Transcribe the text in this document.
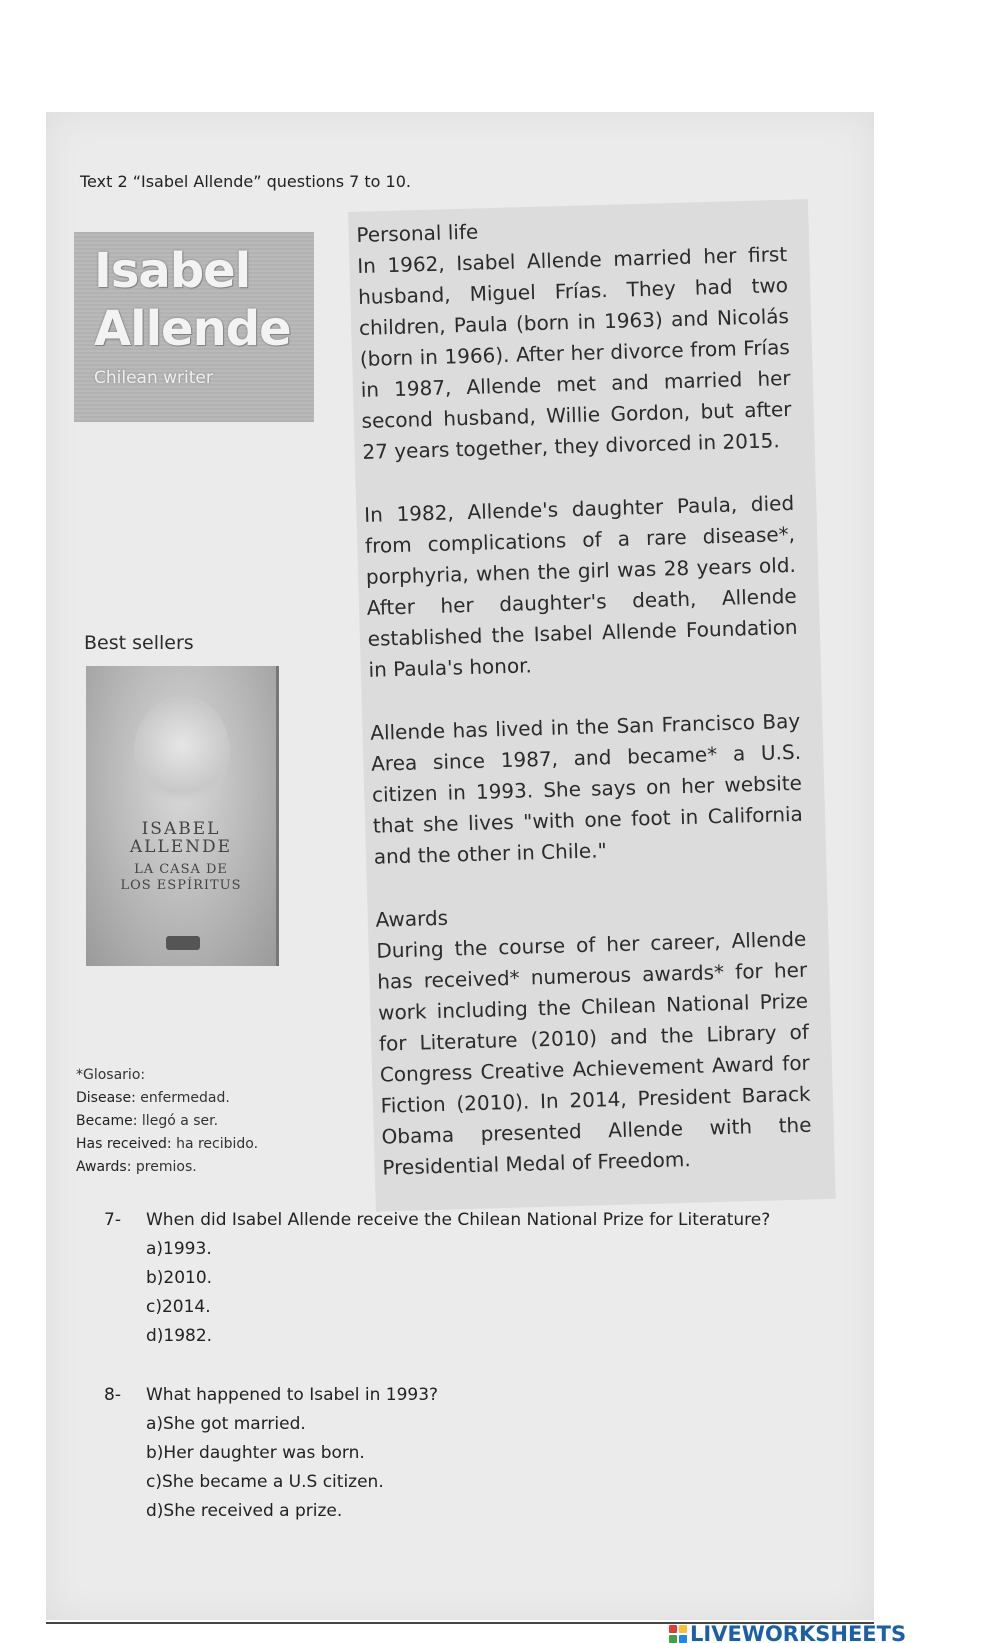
Text 2 “Isabel Allende” questions 7 to 10.
Isabel
Allende
Chilean writer
Personal life

In 1962, Isabel Allende married her first husband, Miguel Frías. They had two children, Paula (born in 1963) and Nicolás (born in 1966). After her divorce from Frías in 1987, Allende met and married her second husband, Willie Gordon, but after 27 years together, they divorced in 2015.

In 1982, Allende's daughter Paula, died from complications of a rare disease*, porphyria, when the girl was 28 years old. After her daughter's death, Allende established the Isabel Allende Foundation in Paula's honor.

Allende has lived in the San Francisco Bay Area since 1987, and became* a U.S. citizen in 1993. She says on her website that she lives "with one foot in California and the other in Chile."

Awards

During the course of her career, Allende has received* numerous awards* for her work including the Chilean National Prize for Literature (2010) and the Library of Congress Creative Achievement Award for Fiction (2010). In 2014, President Barack Obama presented Allende with the Presidential Medal of Freedom.

Best sellers
ISABEL
ALLENDE
LA CASA DE
LOS ESPÍRITUS
*Glosario:
Disease: enfermedad.
Became: llegó a ser.
Has received: ha recibido.
Awards: premios.
7-	When did Isabel Allende receive the Chilean National Prize for Literature?
a)1993.
b)2010.
c)2014.
d)1982.
8-	What happened to Isabel in 1993?
a)She got married.
b)Her daughter was born.
c)She became a U.S citizen.
d)She received a prize.
LIVEWORKSHEETS
